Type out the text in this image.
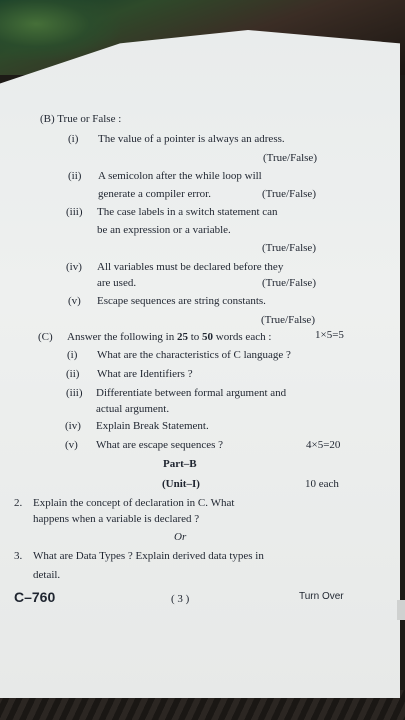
(B) True or False :
(i) The value of a pointer is always an adress.
(True/False)
(ii) A semicolon after the while loop will
generate a compiler error.	(True/False)
(iii) The case labels in a switch statement can
be an expression or a variable.
(True/False)
(iv) All variables must be declared before they
are used.	(True/False)
(v) Escape sequences are string constants.
(True/False)
(C) Answer the following in 25 to 50 words each :	1×5=5
(i) What are the characteristics of C language ?
(ii) What are Identifiers ?
(iii) Differentiate between formal argument and
actual argument.
(iv) Explain Break Statement.
(v) What are escape sequences ?	4×5=20
Part–B
(Unit–I)	10 each
2. Explain the concept of declaration in C. What
happens when a variable is declared ?
Or
3. What are Data Types ? Explain derived data types in
detail.
C–760	( 3 )	Turn Over
